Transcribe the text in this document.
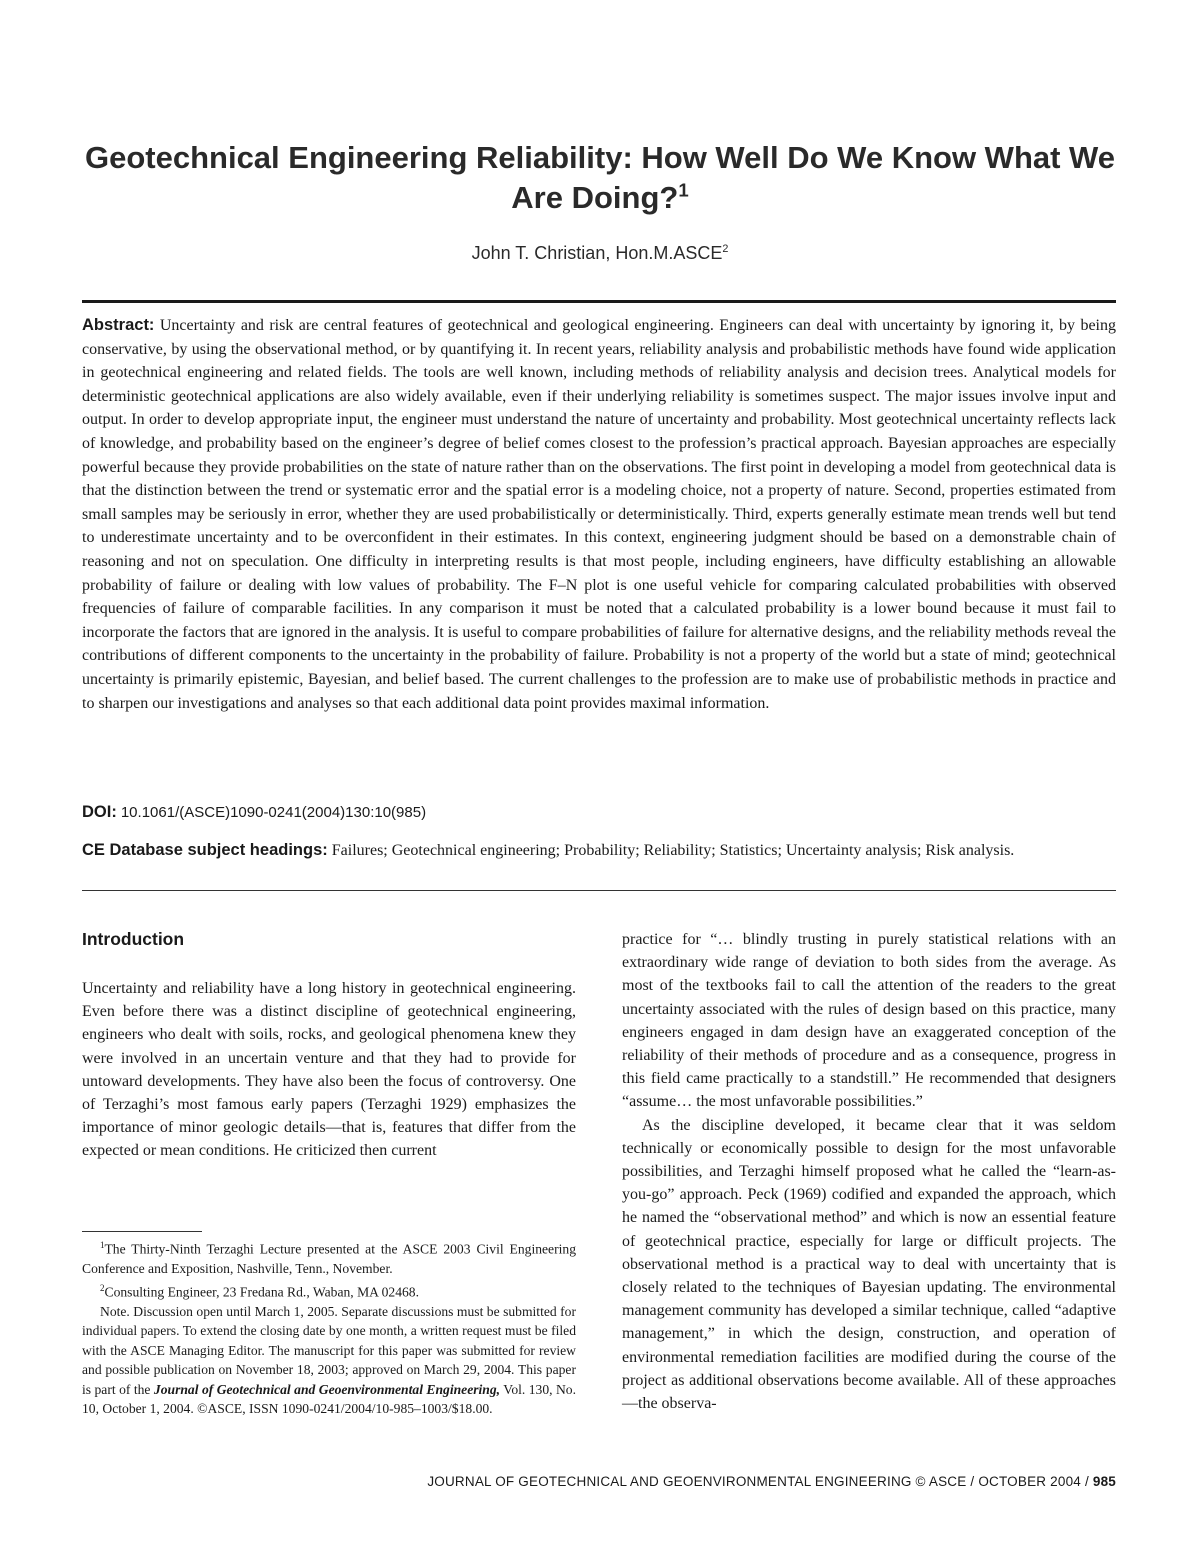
Geotechnical Engineering Reliability: How Well Do We Know What We Are Doing?$^1$
John T. Christian, Hon.M.ASCE$^2$

Abstract: Uncertainty and risk are central features of geotechnical and geological engineering. Engineers can deal with uncertainty by ignoring it, by being conservative, by using the observational method, or by quantifying it. In recent years, reliability analysis and probabilistic methods have found wide application in geotechnical engineering and related fields. The tools are well known, including methods of reliability analysis and decision trees. Analytical models for deterministic geotechnical applications are also widely available, even if their underlying reliability is sometimes suspect. The major issues involve input and output. In order to develop appropriate input, the engineer must understand the nature of uncertainty and probability. Most geotechnical uncertainty reflects lack of knowledge, and probability based on the engineer’s degree of belief comes closest to the profession’s practical approach. Bayesian approaches are especially powerful because they provide probabilities on the state of nature rather than on the observations. The first point in developing a model from geotechnical data is that the distinction between the trend or systematic error and the spatial error is a modeling choice, not a property of nature. Second, properties estimated from small samples may be seriously in error, whether they are used probabilistically or deterministically. Third, experts generally estimate mean trends well but tend to underestimate uncertainty and to be overconfident in their estimates. In this context, engineering judgment should be based on a demonstrable chain of reasoning and not on speculation. One difficulty in interpreting results is that most people, including engineers, have difficulty establishing an allowable probability of failure or dealing with low values of probability. The F–N plot is one useful vehicle for comparing calculated probabilities with observed frequencies of failure of comparable facilities. In any comparison it must be noted that a calculated probability is a lower bound because it must fail to incorporate the factors that are ignored in the analysis. It is useful to compare probabilities of failure for alternative designs, and the reliability methods reveal the contributions of different components to the uncertainty in the probability of failure. Probability is not a property of the world but a state of mind; geotechnical uncertainty is primarily epistemic, Bayesian, and belief based. The current challenges to the profession are to make use of probabilistic methods in practice and to sharpen our investigations and analyses so that each additional data point provides maximal information.

DOI: 10.1061/(ASCE)1090-0241(2004)130:10(985)

CE Database subject headings: Failures; Geotechnical engineering; Probability; Reliability; Statistics; Uncertainty analysis; Risk analysis.

Introduction

Uncertainty and reliability have a long history in geotechnical engineering. Even before there was a distinct discipline of geotechnical engineering, engineers who dealt with soils, rocks, and geological phenomena knew they were involved in an uncertain venture and that they had to provide for untoward developments. They have also been the focus of controversy. One of Terzaghi’s most famous early papers (Terzaghi 1929) emphasizes the importance of minor geologic details—that is, features that differ from the expected or mean conditions. He criticized then current

practice for “… blindly trusting in purely statistical relations with an extraordinary wide range of deviation to both sides from the average. As most of the textbooks fail to call the attention of the readers to the great uncertainty associated with the rules of design based on this practice, many engineers engaged in dam design have an exaggerated conception of the reliability of their methods of procedure and as a consequence, progress in this field came practically to a standstill.” He recommended that designers “assume… the most unfavorable possibilities.”

As the discipline developed, it became clear that it was seldom technically or economically possible to design for the most unfavorable possibilities, and Terzaghi himself proposed what he called the “learn-as-you-go” approach. Peck (1969) codified and expanded the approach, which he named the “observational method” and which is now an essential feature of geotechnical practice, especially for large or difficult projects. The observational method is a practical way to deal with uncertainty that is closely related to the techniques of Bayesian updating. The environmental management community has developed a similar technique, called “adaptive management,” in which the design, construction, and operation of environmental remediation facilities are modified during the course of the project as additional observations become available. All of these approaches—the observa-

$^1$The Thirty-Ninth Terzaghi Lecture presented at the ASCE 2003 Civil Engineering Conference and Exposition, Nashville, Tenn., November.

$^2$Consulting Engineer, 23 Fredana Rd., Waban, MA 02468.

Note. Discussion open until March 1, 2005. Separate discussions must be submitted for individual papers. To extend the closing date by one month, a written request must be filed with the ASCE Managing Editor. The manuscript for this paper was submitted for review and possible publication on November 18, 2003; approved on March 29, 2004. This paper is part of the Journal of Geotechnical and Geoenvironmental Engineering, Vol. 130, No. 10, October 1, 2004. ©ASCE, ISSN 1090-0241/2004/10-985–1003/$18.00.

JOURNAL OF GEOTECHNICAL AND GEOENVIRONMENTAL ENGINEERING © ASCE / OCTOBER 2004 / 985
